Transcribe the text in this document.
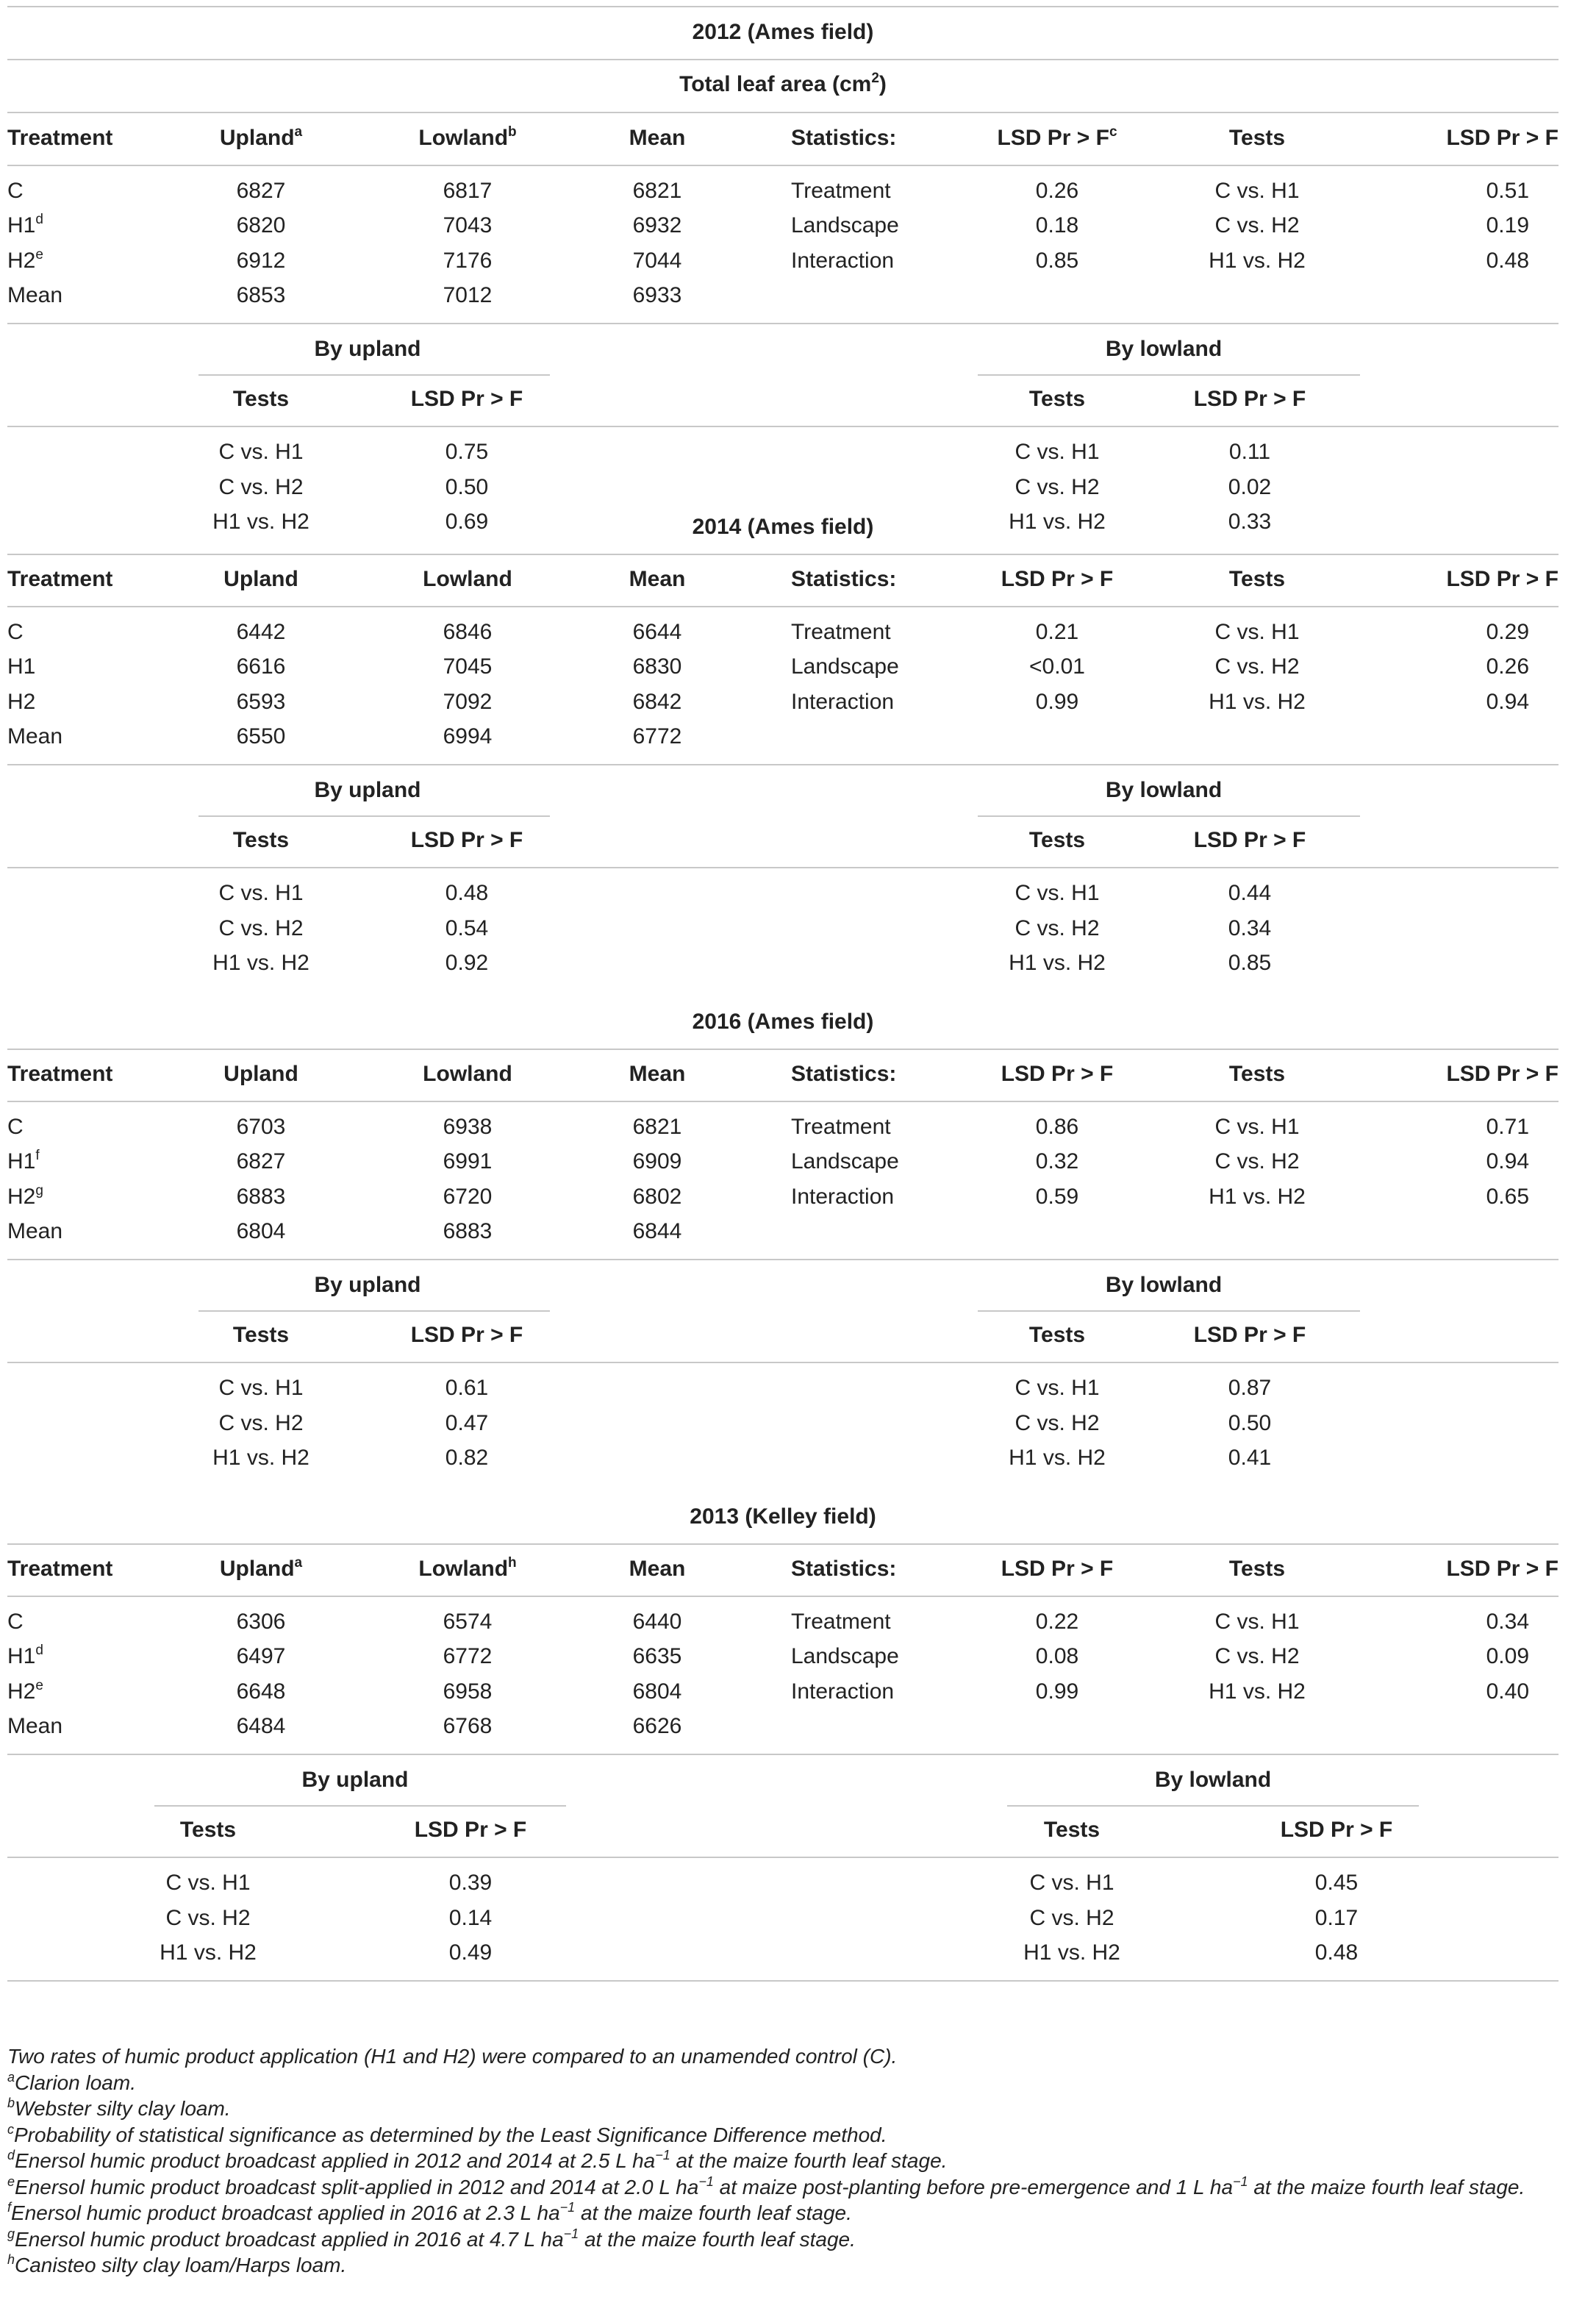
2012 (Ames field)
Total leaf area $(cm^2)$
Treatment	Upland$^a$	Lowland$^b$	Mean	Statistics:	LSD $Pr > F^c$	Tests	LSD Pr > F
C	6827	6817	6821	Treatment	0.26	C vs. H1	0.51
H1$^d$	6820	7043	6932	Landscape	0.18	C vs. H2	0.19
H2e	6912	7176	7044	Interaction	0.85	H1 vs. H2	0.48
Mean	6853	7012	6933
By upland	By lowland
Tests	LSD Pr > F	Tests	LSD Pr > F
C vs. H1	0.75	C vs. H1	0.11
C vs. H2	0.50	C vs. H2	0.02
H1 vs. H2	0.69	H1 vs. H2	0.33
2014 (Ames field)
Treatment	Upland	Lowland	Mean	Statistics:	LSD Pr > F	Tests	LSD Pr > F
C	6442	6846	6644	Treatment	0.21	C vs. H1	0.29
H1	6616	7045	6830	Landscape	<0.01	C vs. H2	0.26
H2	6593	7092	6842	Interaction	0.99	H1 vs. H2	0.94
Mean	6550	6994	6772
By upland	By lowland
Tests	LSD Pr > F	Tests	LSD Pr > F
C vs. H1	0.48	C vs. H1	0.44
C vs. H2	0.54	C vs. H2	0.34
H1 vs. H2	0.92	H1 vs. H2	0.85
2016 (Ames field)
Treatment	Upland	Lowland	Mean	Statistics:	LSD Pr > F	Tests	LSD Pr > F
C	6703	6938	6821	Treatment	0.86	C vs. H1	0.71
H1$^f$	6827	6991	6909	Landscape	0.32	C vs. H2	0.94
H2$^g$	6883	6720	6802	Interaction	0.59	H1 vs. H2	0.65
Mean	6804	6883	6844
By upland	By lowland
Tests	LSD Pr > F	Tests	LSD Pr > F
C vs. H1	0.61	C vs. H1	0.87
C vs. H2	0.47	C vs. H2	0.50
H1 vs. H2	0.82	H1 vs. H2	0.41
2013 (Kelley field)
Treatment	Upland$^a$	Lowland$^h$	Mean	Statistics:	LSD Pr > F	Tests	LSD Pr > F
C	6306	6574	6440	Treatment	0.22	C vs. H1	0.34
H1$^d$	6497	6772	6635	Landscape	0.08	C vs. H2	0.09
H2e	6648	6958	6804	Interaction	0.99	H1 vs. H2	0.40
Mean	6484	6768	6626
By upland	By lowland
Tests	LSD Pr > F	Tests	LSD Pr > F
C vs. H1	0.39	C vs. H1	0.45
C vs. H2	0.14	C vs. H2	0.17
H1 vs. H2	0.49	H1 vs. H2	0.48
Two rates of humic product application (H1 and H2) were compared to an unamended control (C).
$^a$Clarion loam.
$^b$Webster silty clay loam.
$^c$Probability of statistical significance as determined by the Least Significance Difference method.
$^d$Enersol humic product broadcast applied in 2012 and 2014 at 2.5 L $ha^{-1}$ at the maize fourth leaf stage.
$^e$Enersol humic product broadcast split-applied in 2012 and 2014 at 2.0 L $ha^{-1}$ at maize post-planting before pre-emergence and 1 L $ha^{-1}$ at the maize fourth leaf stage.
$^f$Enersol humic product broadcast applied in 2016 at 2.3 L $ha^{-1}$ at the maize fourth leaf stage.
$^g$Enersol humic product broadcast applied in 2016 at 4.7 L $ha^{-1}$ at the maize fourth leaf stage.
$^h$Canisteo silty clay loam/Harps loam.
